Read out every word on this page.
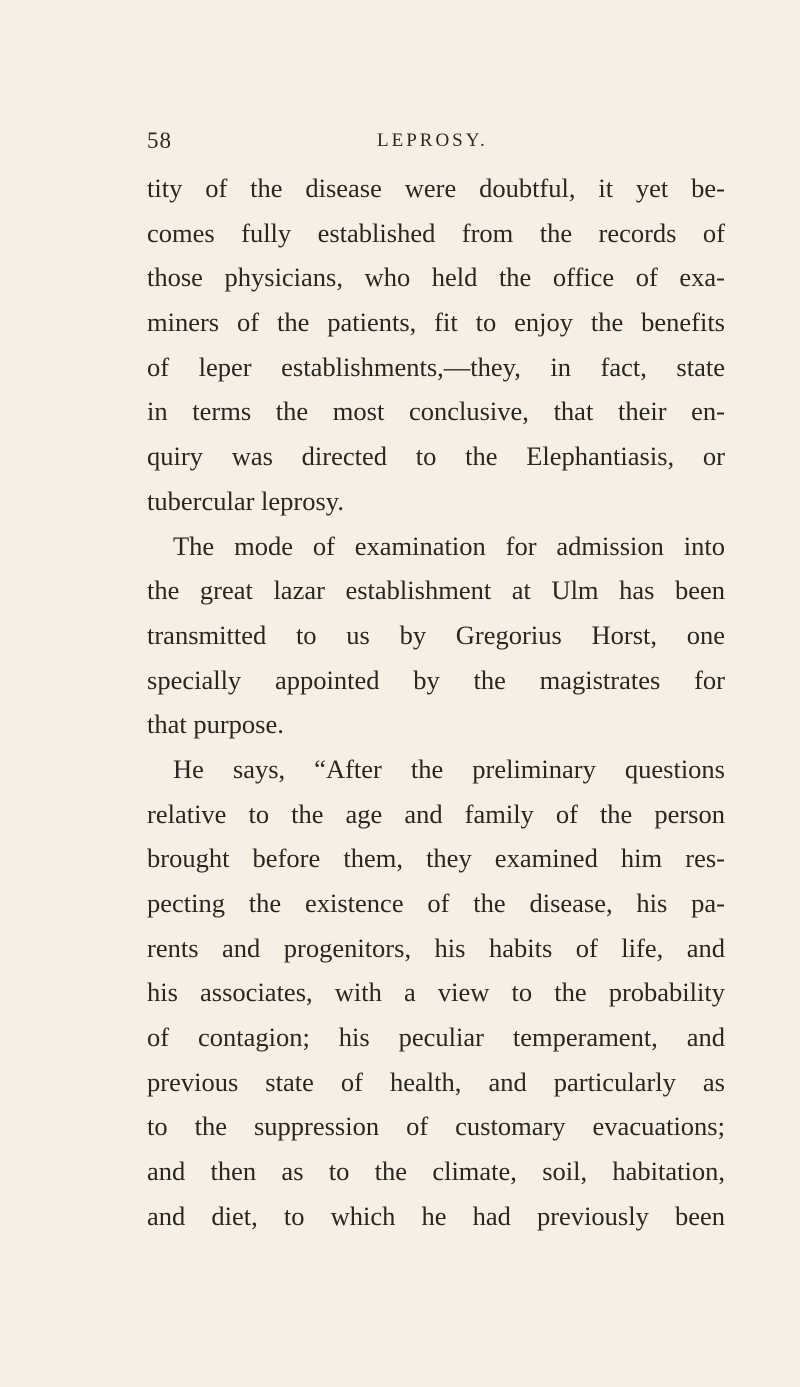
58	LEPROSY.
tity of the disease were doubtful, it yet be-
comes fully established from the records of
those physicians, who held the office of exa-
miners of the patients, fit to enjoy the benefits
of leper establishments,—they, in fact, state
in terms the most conclusive, that their en-
quiry was directed to the Elephantiasis, or
tubercular leprosy.
The mode of examination for admission into
the great lazar establishment at Ulm has been
transmitted to us by Gregorius Horst, one
specially appointed by the magistrates for
that purpose.
He says, “After the preliminary questions
relative to the age and family of the person
brought before them, they examined him res-
pecting the existence of the disease, his pa-
rents and progenitors, his habits of life, and
his associates, with a view to the probability
of contagion; his peculiar temperament, and
previous state of health, and particularly as
to the suppression of customary evacuations;
and then as to the climate, soil, habitation,
and diet, to which he had previously been
